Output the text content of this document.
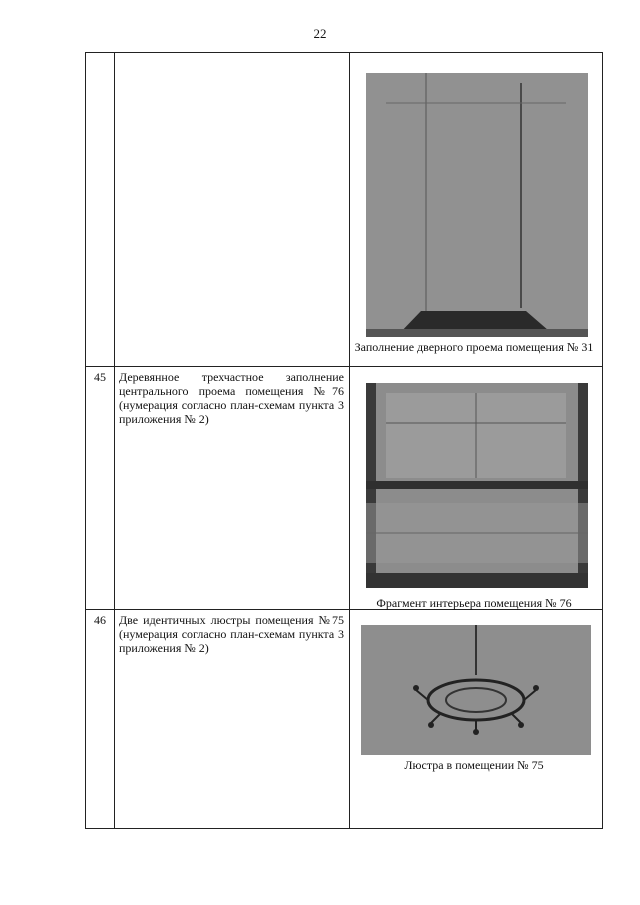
22
Заполнение дверного проема помещения № 31
45	Деревянное трехчастное заполнение центрального проема помещения №76 (нумерация согласно план-схемам пункта 3 приложения № 2)
Фрагмент интерьера помещения № 76
46	Две идентичных люстры помещения №75 (нумерация согласно план-схемам пункта 3 приложения № 2)
Люстра в помещении № 75
